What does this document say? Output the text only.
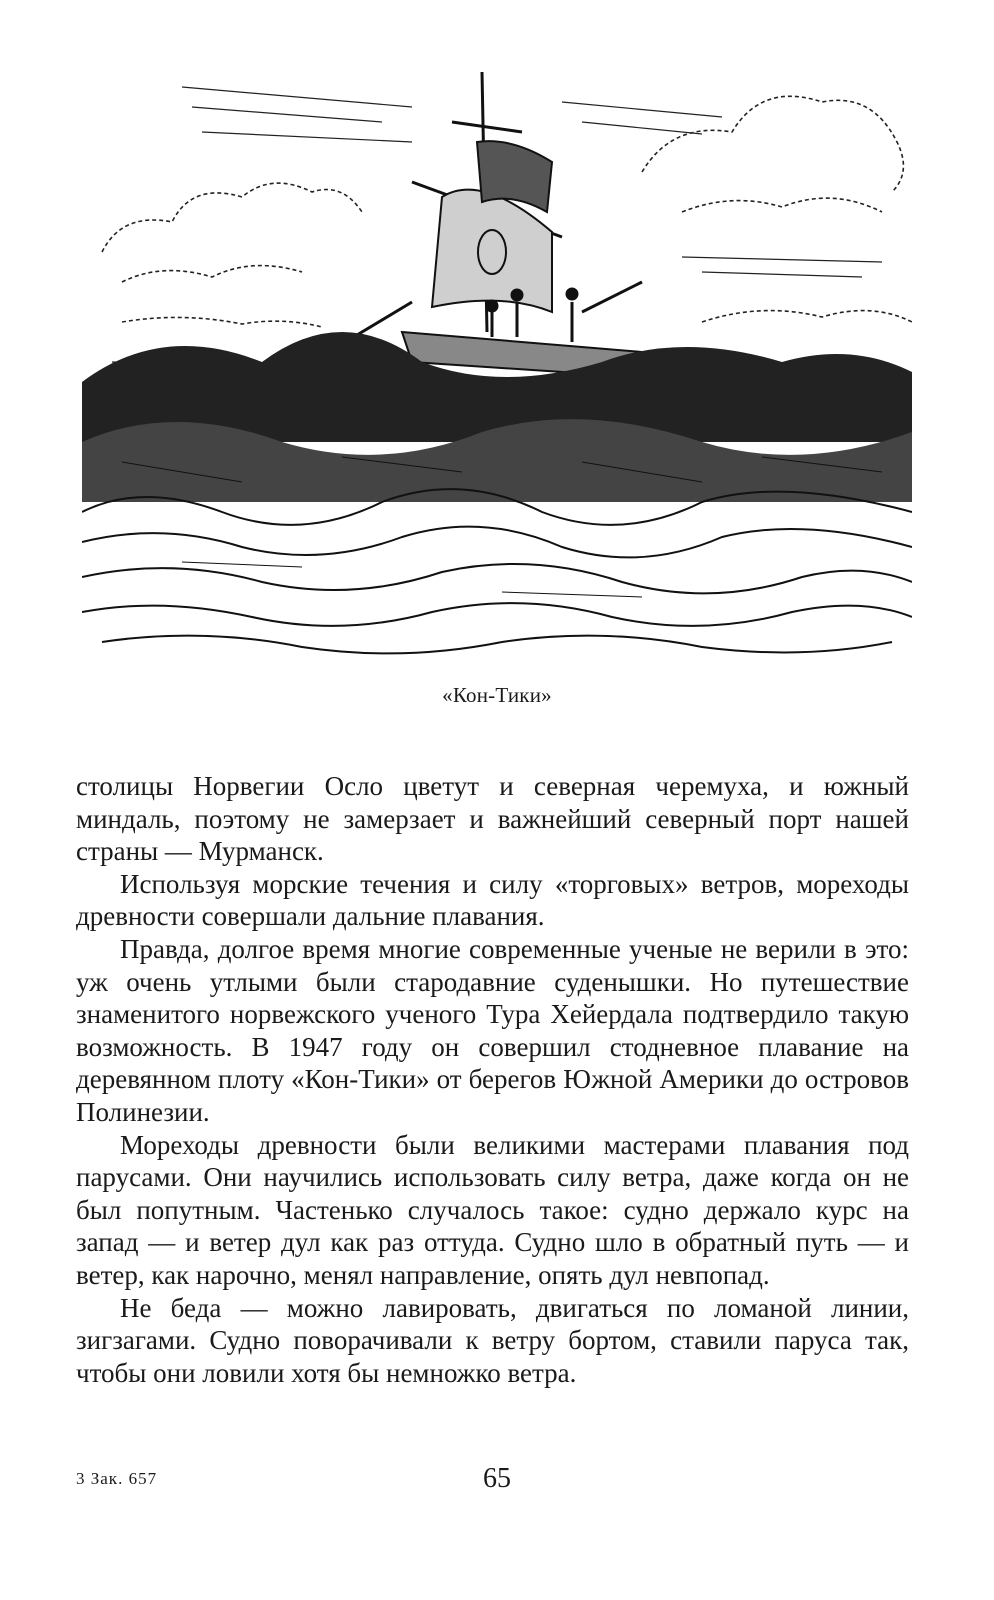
«Кон-Тики»

столицы Норвегии Осло цветут и северная черемуха, и южный миндаль, поэтому не замерзает и важнейший северный порт нашей страны — Мурманск.

Используя морские течения и силу «торговых» ветров, мореходы древности совершали дальние плавания.

Правда, долгое время многие современные ученые не верили в это: уж очень утлыми были стародавние суденышки. Но путешествие знаменитого норвежского ученого Тура Хейердала подтвердило такую возможность. В 1947 году он совершил стодневное плавание на деревянном плоту «Кон-Тики» от берегов Южной Америки до островов Полинезии.

Мореходы древности были великими мастерами плавания под парусами. Они научились использовать силу ветра, даже когда он не был попутным. Частенько случалось такое: судно держало курс на запад — и ветер дул как раз оттуда. Судно шло в обратный путь — и ветер, как нарочно, менял направление, опять дул невпопад.

Не беда — можно лавировать, двигаться по ломаной линии, зигзагами. Судно поворачивали к ветру бортом, ставили паруса так, чтобы они ловили хотя бы немножко ветра.

3 Зак. 657	65
